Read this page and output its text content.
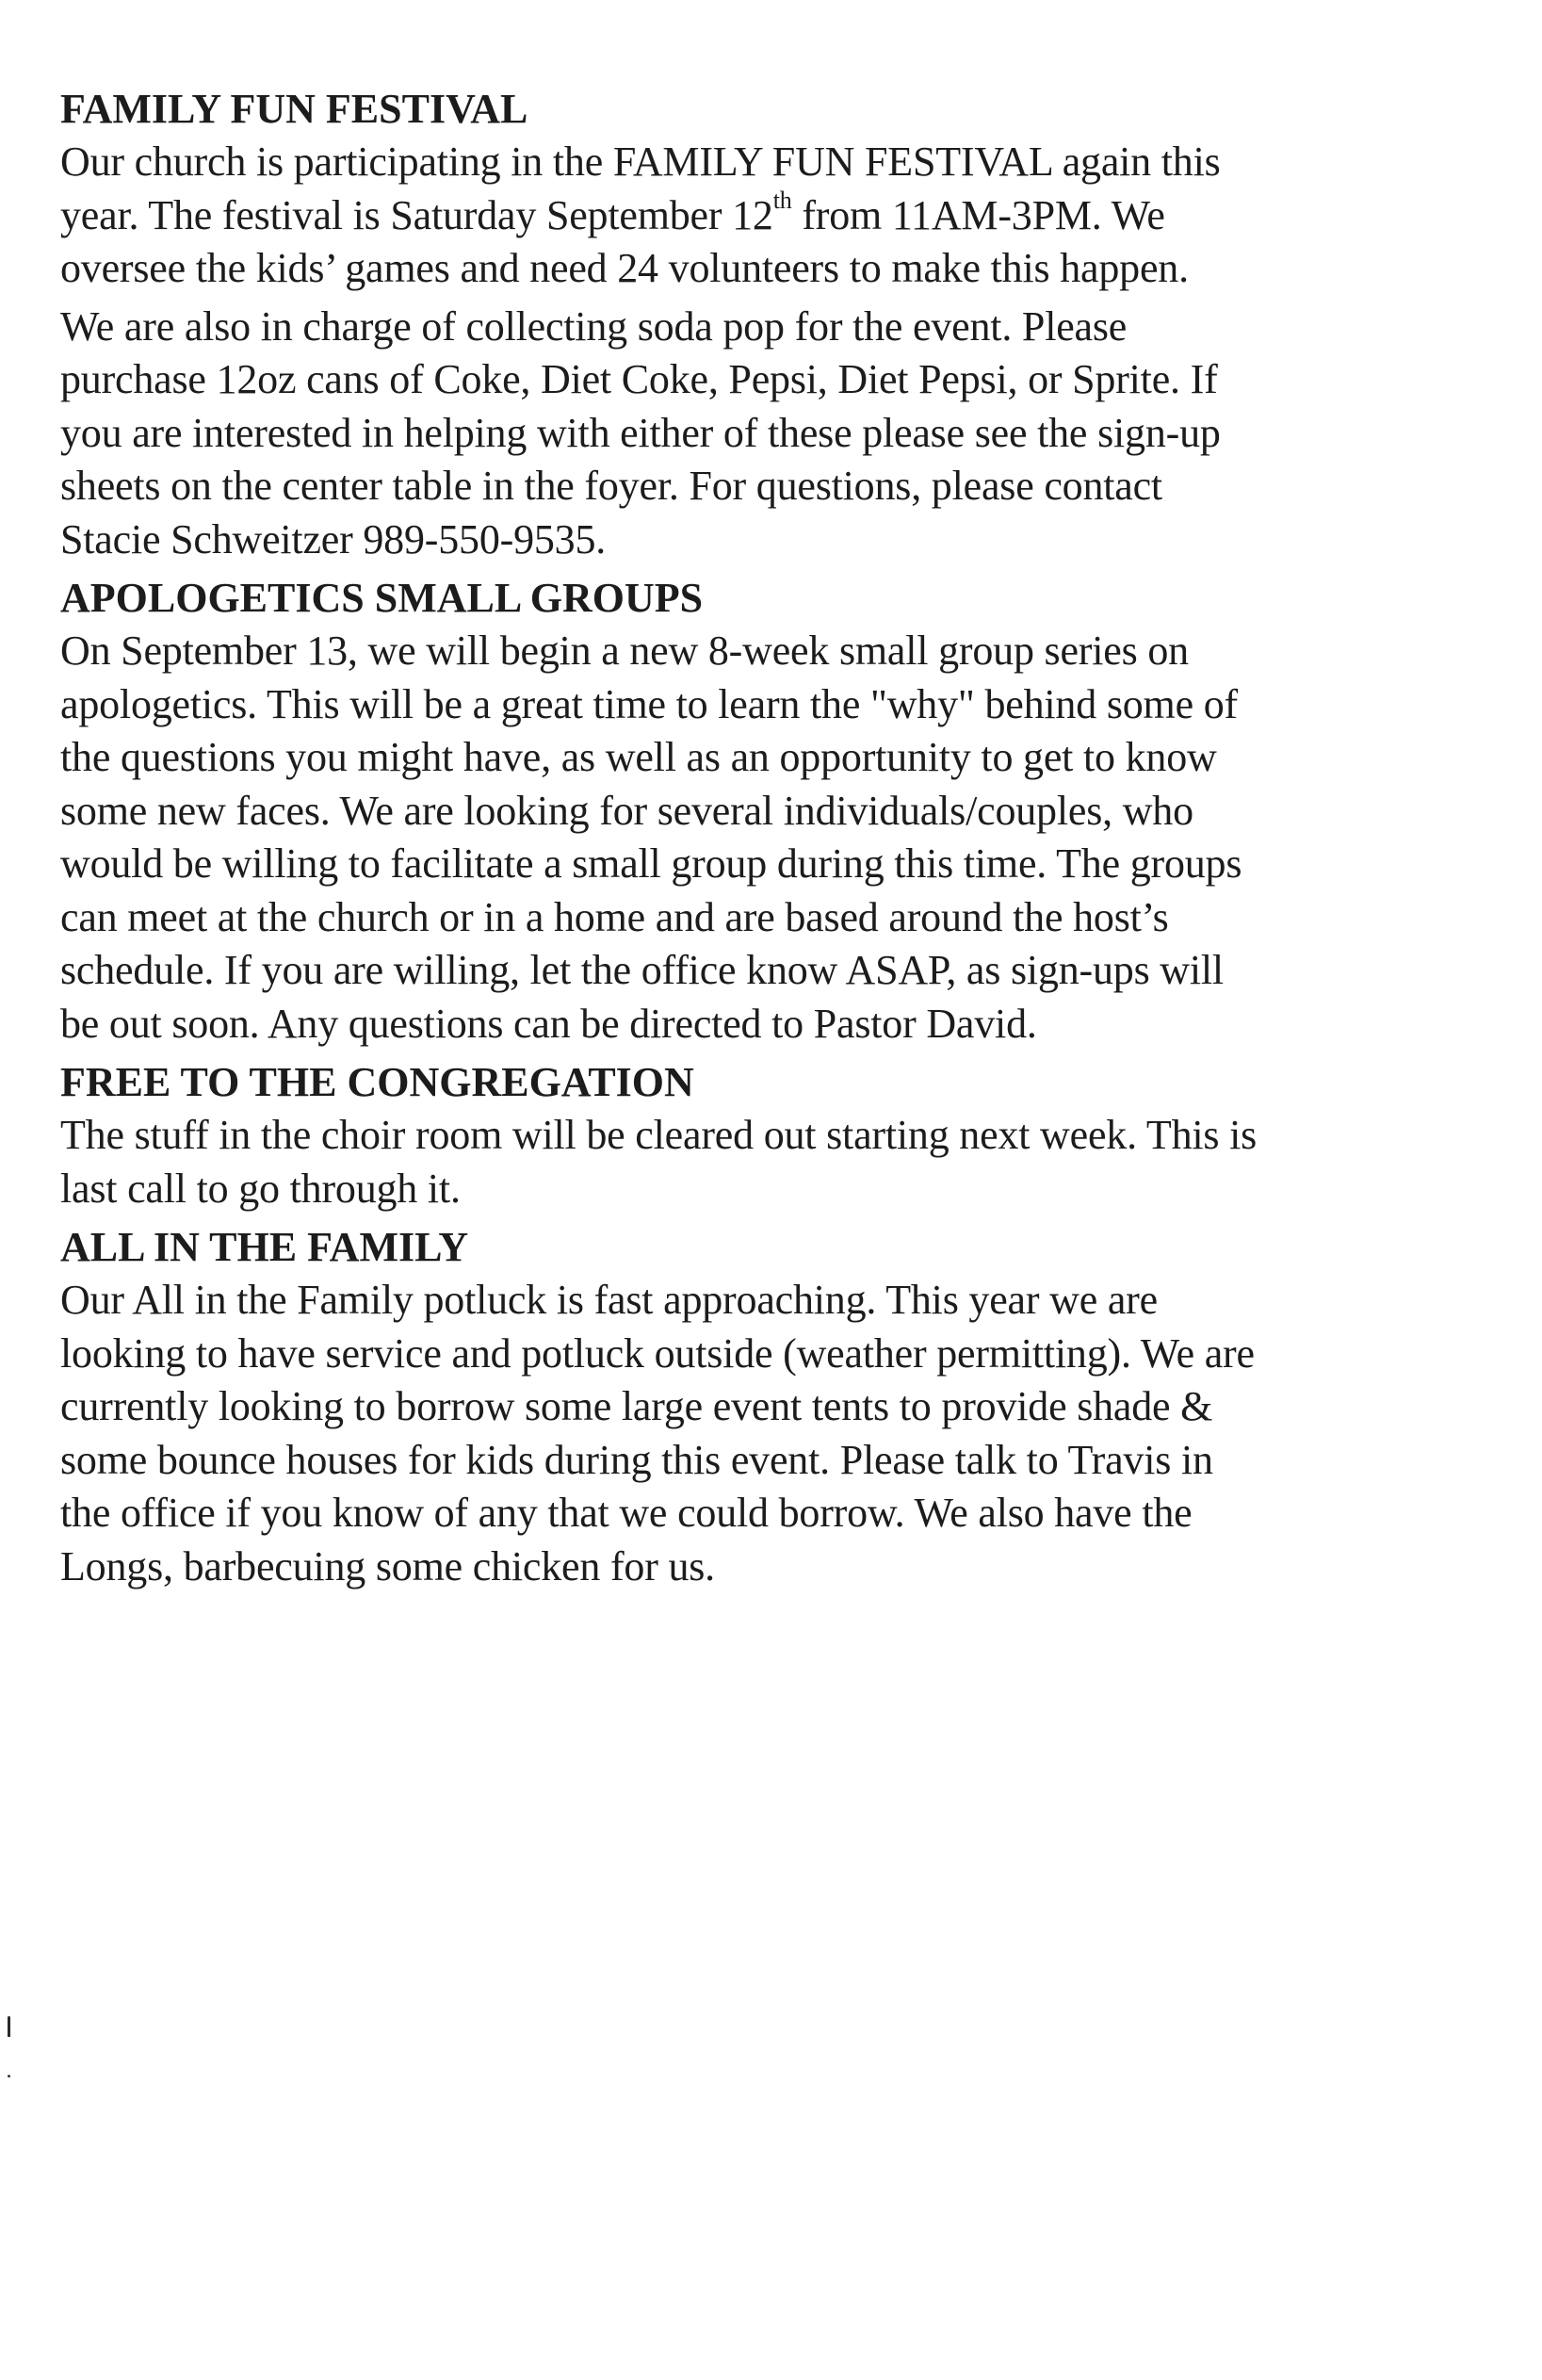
FAMILY FUN FESTIVAL
Our church is participating in the FAMILY FUN FESTIVAL again this
year. The festival is Saturday September 12th from 11AM-3PM. We
oversee the kids’ games and need 24 volunteers to make this happen.
We are also in charge of collecting soda pop for the event. Please
purchase 12oz cans of Coke, Diet Coke, Pepsi, Diet Pepsi, or Sprite. If
you are interested in helping with either of these please see the sign-up
sheets on the center table in the foyer. For questions, please contact
Stacie Schweitzer 989-550-9535.
APOLOGETICS SMALL GROUPS
On September 13, we will begin a new 8-week small group series on
apologetics. This will be a great time to learn the "why" behind some of
the questions you might have, as well as an opportunity to get to know
some new faces. We are looking for several individuals/couples, who
would be willing to facilitate a small group during this time. The groups
can meet at the church or in a home and are based around the host’s
schedule. If you are willing, let the office know ASAP, as sign-ups will
be out soon. Any questions can be directed to Pastor David.
FREE TO THE CONGREGATION
The stuff in the choir room will be cleared out starting next week. This is
last call to go through it.
ALL IN THE FAMILY
Our All in the Family potluck is fast approaching. This year we are
looking to have service and potluck outside (weather permitting). We are
currently looking to borrow some large event tents to provide shade &
some bounce houses for kids during this event. Please talk to Travis in
the office if you know of any that we could borrow. We also have the
Longs, barbecuing some chicken for us.
